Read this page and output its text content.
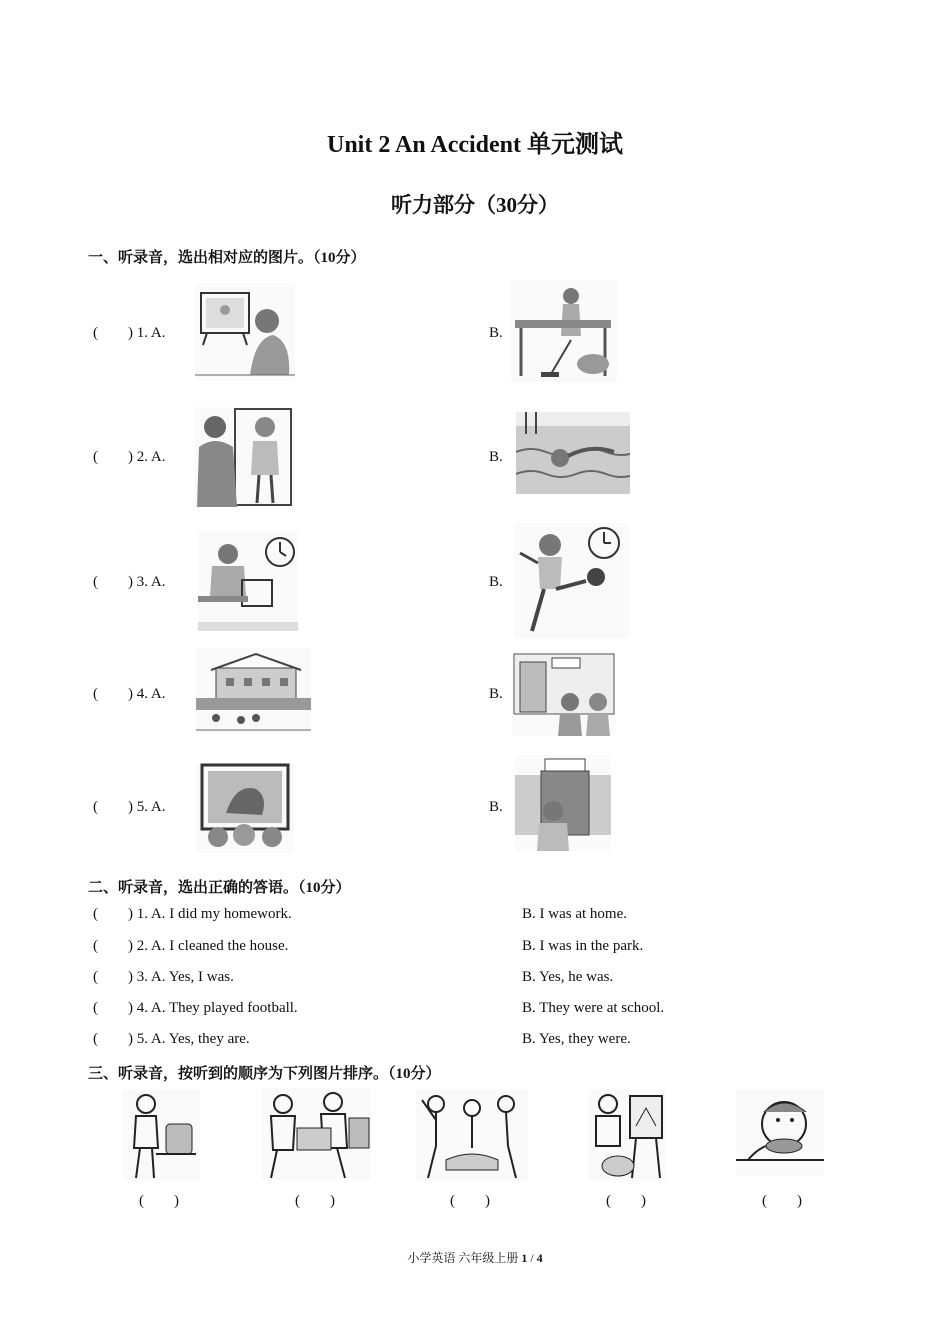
Unit 2 An Accident 单元测试
听力部分（30分）
一、听录音，选出相对应的图片。（10分）
(        ) 1. A.	B.
(        ) 2. A.	B.
(        ) 3. A.	B.
(        ) 4. A.	B.
(        ) 5. A.	B.
二、听录音，选出正确的答语。（10分）
(        ) 1. A. I did my homework.	B. I was at home.
(        ) 2. A. I cleaned the house.	B. I was in the park.
(        ) 3. A. Yes, I was.	B. Yes, he was.
(        ) 4. A. They played football.	B. They were at school.
(        ) 5. A. Yes, they are.	B. Yes, they were.
三、听录音，按听到的顺序为下列图片排序。（10分）
(        )	(        )	(        )	(        )	(        )
小学英语 六年级上册 1 / 4
